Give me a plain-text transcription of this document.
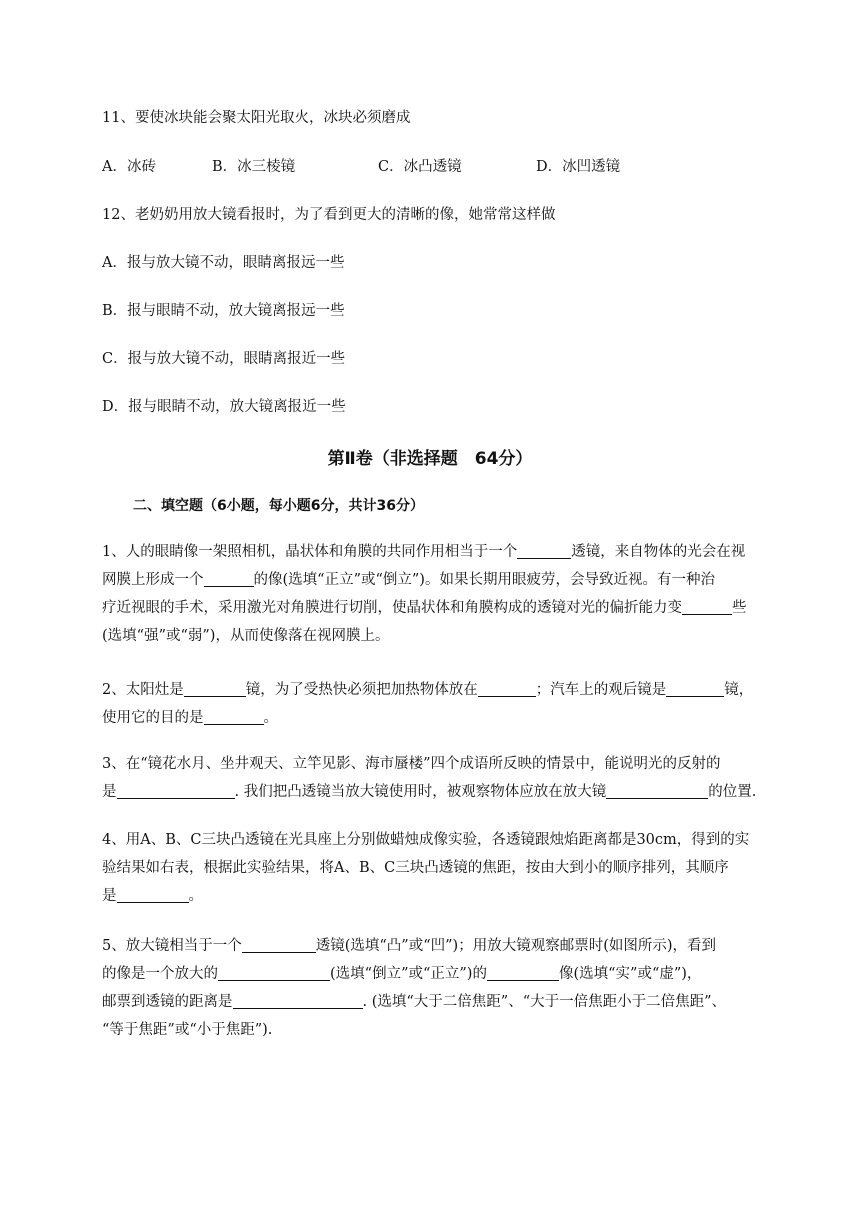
11、要使冰块能会聚太阳光取火，冰块必须磨成
A．冰砖	B．冰三棱镜	C．冰凸透镜	D．冰凹透镜
12、老奶奶用放大镜看报时，为了看到更大的清晰的像，她常常这样做
A．报与放大镜不动，眼睛离报远一些
B．报与眼睛不动，放大镜离报远一些
C．报与放大镜不动，眼睛离报近一些
D．报与眼睛不动，放大镜离报近一些
第Ⅱ卷（非选择题　64分）
二、填空题（6小题，每小题6分，共计36分）
1、人的眼睛像一架照相机，晶状体和角膜的共同作用相当于一个	透镜，来自物体的光会在视
网膜上形成一个	的像(选填“正立”或“倒立”)。如果长期用眼疲劳，会导致近视。有一种治
疗近视眼的手术，采用激光对角膜进行切削，使晶状体和角膜构成的透镜对光的偏折能力变	些
(选填“强”或“弱”)，从而使像落在视网膜上。
2、太阳灶是	镜，为了受热快必须把加热物体放在	；汽车上的观后镜是	镜，
使用它的目的是	。
3、在“镜花水月、坐井观天、立竿见影、海市蜃楼”四个成语所反映的情景中，能说明光的反射的
是	. 我们把凸透镜当放大镜使用时，被观察物体应放在放大镜	的位置.
4、用A、B、C三块凸透镜在光具座上分别做蜡烛成像实验，各透镜跟烛焰距离都是30cm，得到的实
验结果如右表，根据此实验结果，将A、B、C三块凸透镜的焦距，按由大到小的顺序排列，其顺序
是	。
5、放大镜相当于一个	透镜(选填“凸”或“凹”)；用放大镜观察邮票时(如图所示)，看到
的像是一个放大的	(选填“倒立”或“正立”)的	像(选填“实”或“虚”)，
邮票到透镜的距离是	. (选填“大于二倍焦距”、“大于一倍焦距小于二倍焦距”、
“等于焦距”或“小于焦距”).
